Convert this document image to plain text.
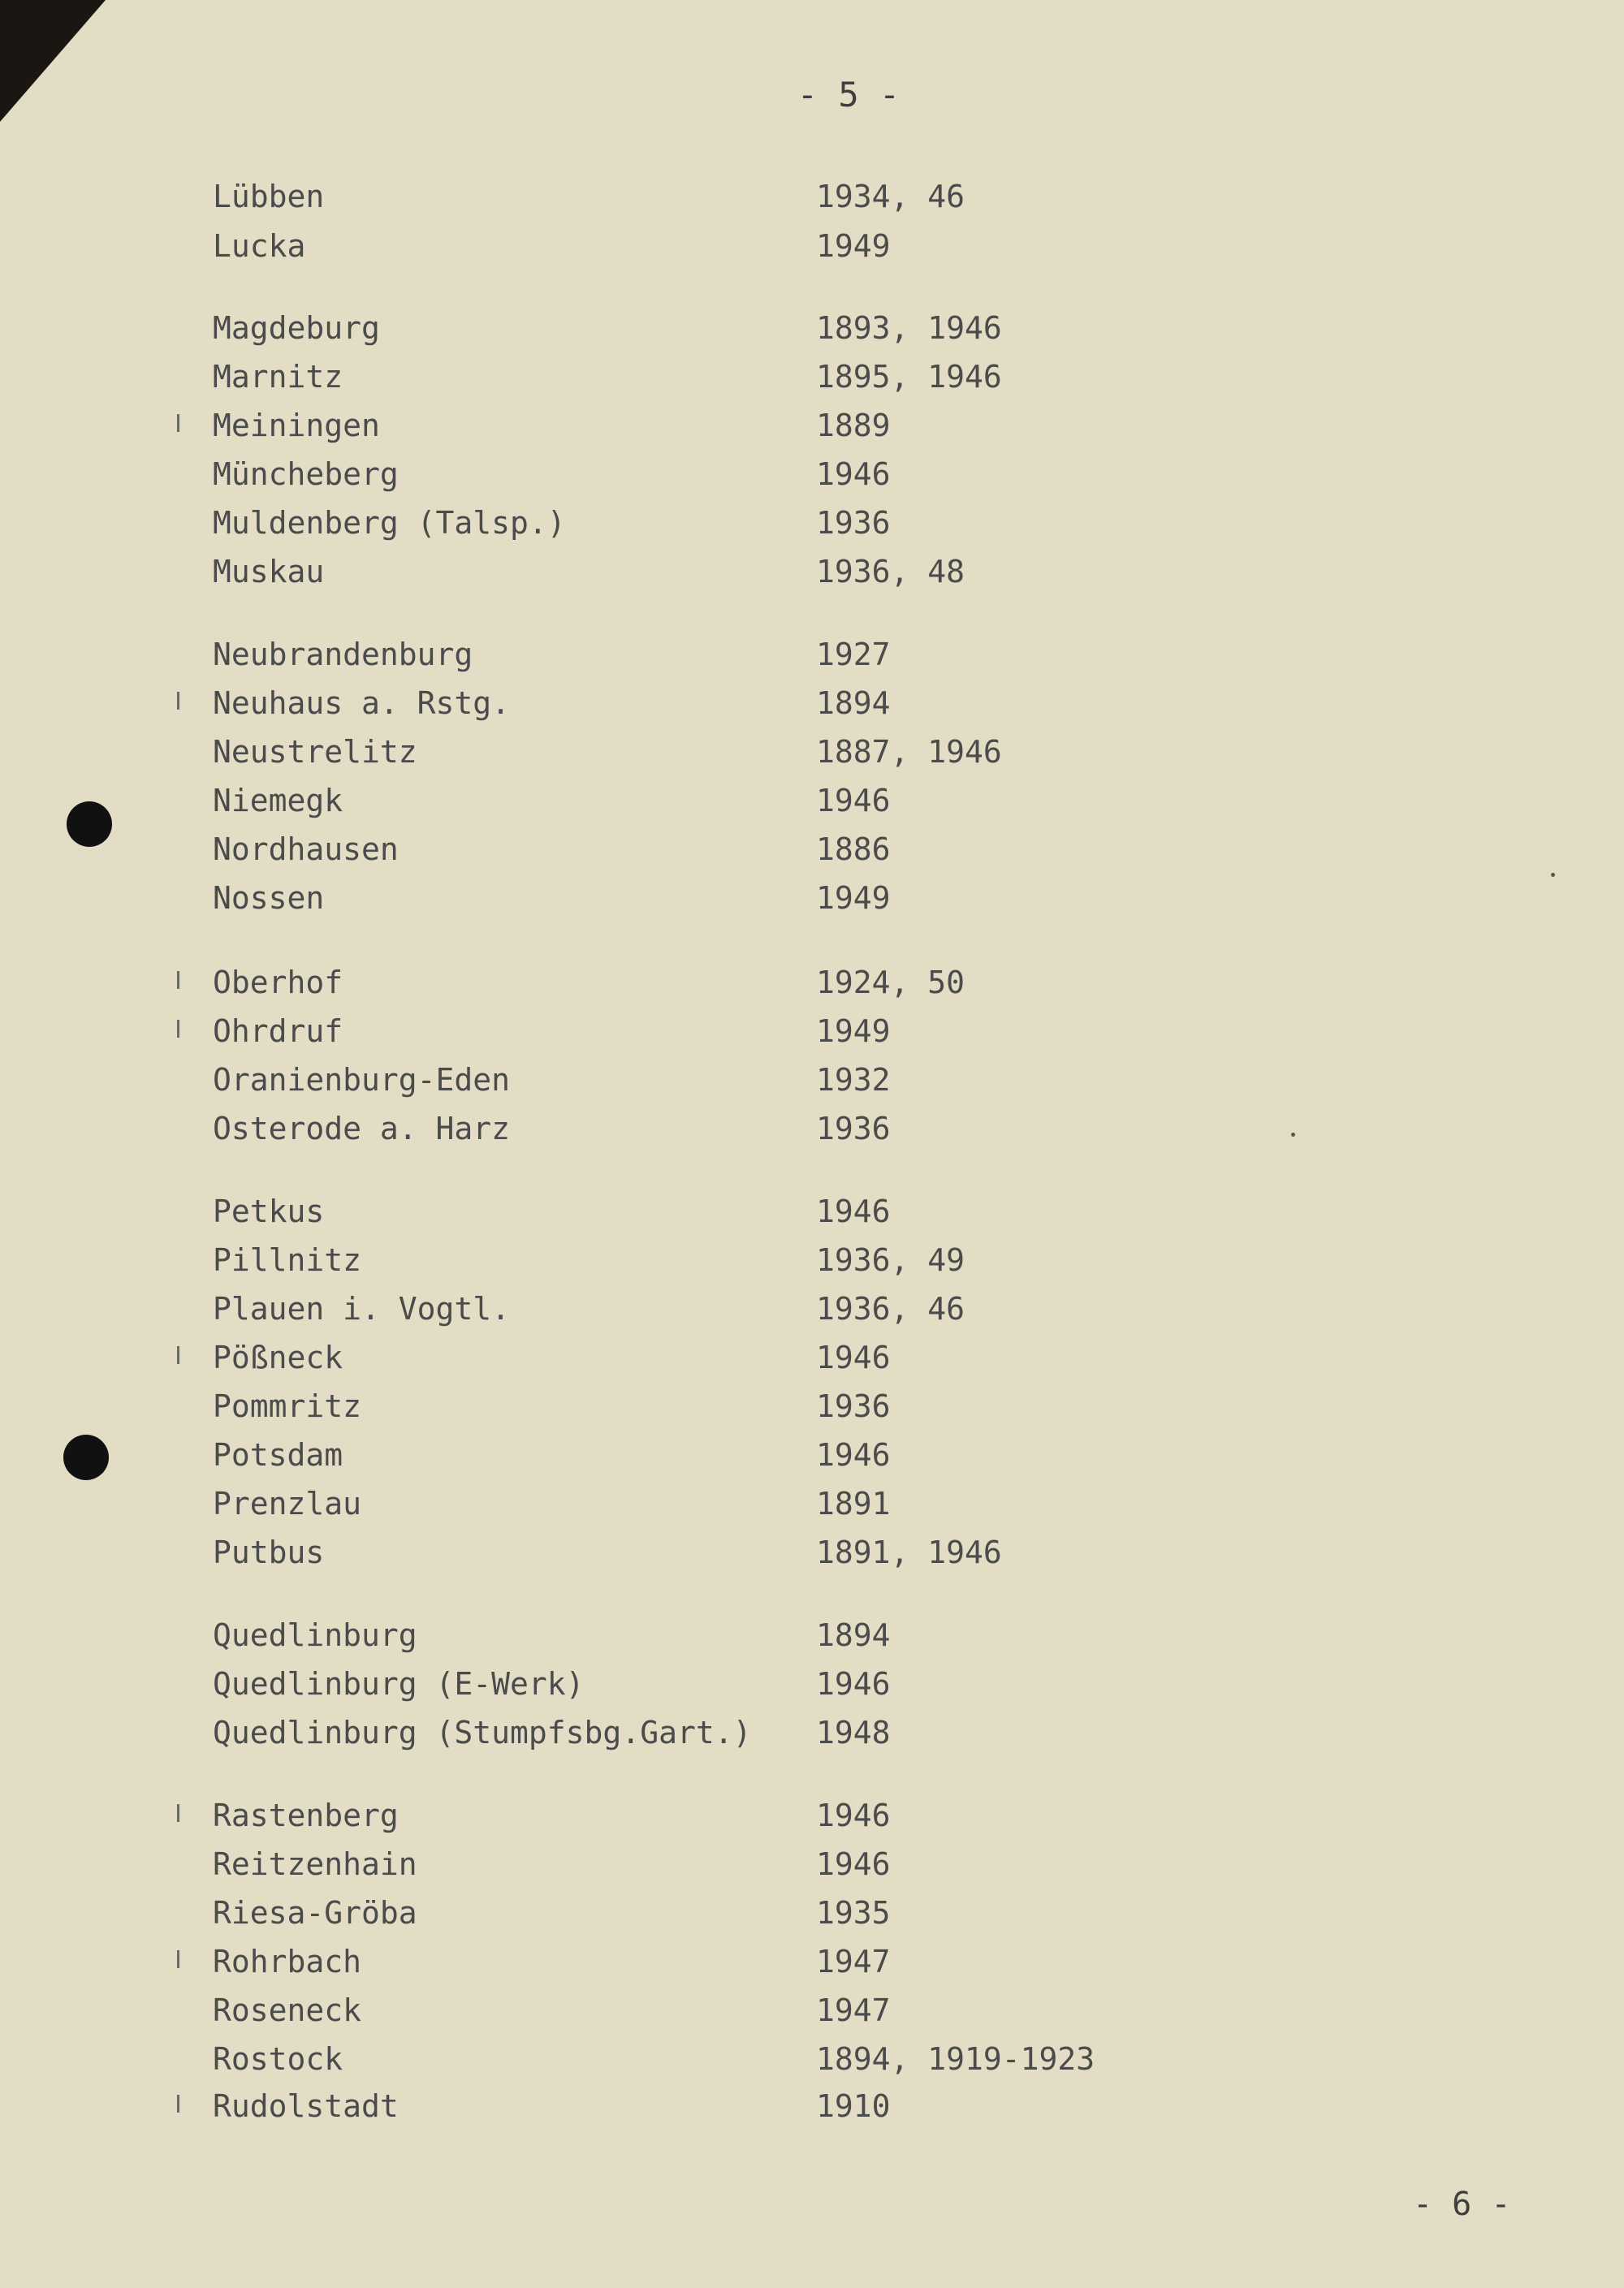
- 5 -
Lübben	1934, 46
Lucka	1949
Magdeburg	1893, 1946
Marnitz	1895, 1946
Meiningen	1889
Müncheberg	1946
Muldenberg (Talsp.)	1936
Muskau	1936, 48
Neubrandenburg	1927
Neuhaus a. Rstg.	1894
Neustrelitz	1887, 1946
Niemegk	1946
Nordhausen	1886
Nossen	1949
Oberhof	1924, 50
Ohrdruf	1949
Oranienburg-Eden	1932
Osterode a. Harz	1936
Petkus	1946
Pillnitz	1936, 49
Plauen i. Vogtl.	1936, 46
Pößneck	1946
Pommritz	1936
Potsdam	1946
Prenzlau	1891
Putbus	1891, 1946
Quedlinburg	1894
Quedlinburg (E-Werk)	1946
Quedlinburg (Stumpfsbg.Gart.) 1948
Rastenberg	1946
Reitzenhain	1946
Riesa-Gröba	1935
Rohrbach	1947
Roseneck	1947
Rostock	1894, 1919-1923
Rudolstadt	1910
- 6 -
